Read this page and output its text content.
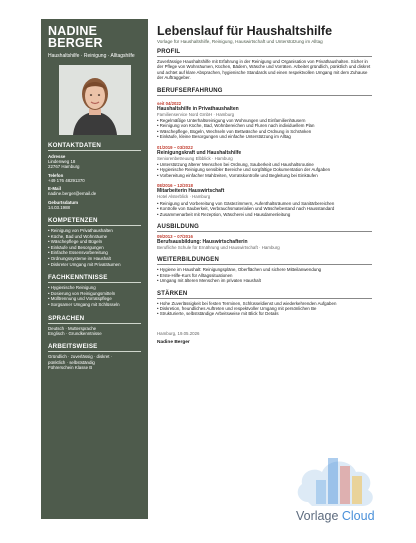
NADINE
BERGER
Haushaltshilfe · Reinigung · Alltagshilfe
KONTAKTDATEN
Adresse
Lindenweg 18
22767 Hamburg
Telefon
+49 176 48291370
E-Mail
nadine.berger@email.de
Geburtsdatum
14.03.1988
KOMPETENZEN
• Reinigung von Privathaushalten
• Küche, Bad und Wohnräume
• Wäschepflege und Bügeln
• Einkäufe und Besorgungen
• Einfache Essensvorbereitung
• Ordnungssysteme im Haushalt
• Diskreter Umgang mit Privaträumen
FACHKENNTNISSE
• Hygienische Reinigung
• Dosierung von Reinigungsmitteln
• Mülltrennung und Vorratspflege
• Sorgsamer Umgang mit Schlüsseln
SPRACHEN
Deutsch · Muttersprache
Englisch · Grundkenntnisse
ARBEITSWEISE
Gründlich · zuverlässig · diskret ·
pünktlich · selbstständig
Führerschein Klasse B
Lebenslauf für Haushaltshilfe
Vorlage für Haushaltshilfe, Reinigung, Hauswirtschaft und Unterstützung im Alltag
PROFIL

Zuverlässige Haushaltshilfe mit Erfahrung in der Reinigung und Organisation von Privathaushalten. Sicher in der Pflege von Wohnräumen, Küchen, Bädern, Wäsche und Vorräten. Arbeitet gründlich, pünktlich und diskret und achtet auf klare Absprachen, hygienische Standards und einen respektvollen Umgang mit dem Zuhause der Auftraggeber.

BERUFSERFAHRUNG
seit 04/2022
Haushaltshilfe in Privathaushalten
Familienservice Nord GmbH · Hamburg
• Regelmäßige Unterhaltsreinigung von Wohnungen und Einfamilienhäusern
• Reinigung von Küche, Bad, Wohnbereichen und Fluren nach individuellem Plan
• Wäschepflege, Bügeln, Wechseln von Bettwäsche und Ordnung in Schränken
• Einkäufe, kleine Besorgungen und einfache Unterstützung im Alltag
01/2019 – 03/2022
Reinigungskraft und Haushaltshilfe
Seniorenbetreuung Elbblick · Hamburg
• Unterstützung älterer Menschen bei Ordnung, Sauberkeit und Haushaltsroutine
• Hygienische Reinigung sensibler Bereiche und sorgfältige Dokumentation der Aufgaben
• Vorbereitung einfacher Mahlzeiten, Vorratskontrolle und Begleitung bei Einkäufen
08/2016 – 12/2018
Mitarbeiterin Hauswirtschaft
Hotel Alsterblick · Hamburg
• Reinigung und Vorbereitung von Gästezimmern, Aufenthaltsräumen und Sanitärbereichen
• Kontrolle von Sauberkeit, Verbrauchsmaterialien und Wäschebestand nach Hausstandard
• Zusammenarbeit mit Rezeption, Wäscherei und Hausdamenleitung
AUSBILDUNG
09/2013 – 07/2016
Berufsausbildung: Hauswirtschafterin
Berufliche Schule für Ernährung und Hauswirtschaft · Hamburg
WEITERBILDUNGEN
• Hygiene im Haushalt: Reinigungspläne, Oberflächen und sichere Mitteilanwendung
• Erste-Hilfe-Kurs für Alltagssituationen
• Umgang mit älteren Menschen im privaten Haushalt
STÄRKEN
• Hohe Zuverlässigkeit bei festen Terminen, Schlüsseldienst und wiederkehrenden Aufgaben
• Diskretion, freundliches Auftreten und respektvoller Umgang mit persönlichen Be
• Strukturierte, selbstständige Arbeitsweise mit Blick für Details
Hamburg, 19.05.2026
Nadine Berger
Vorlage Cloud
